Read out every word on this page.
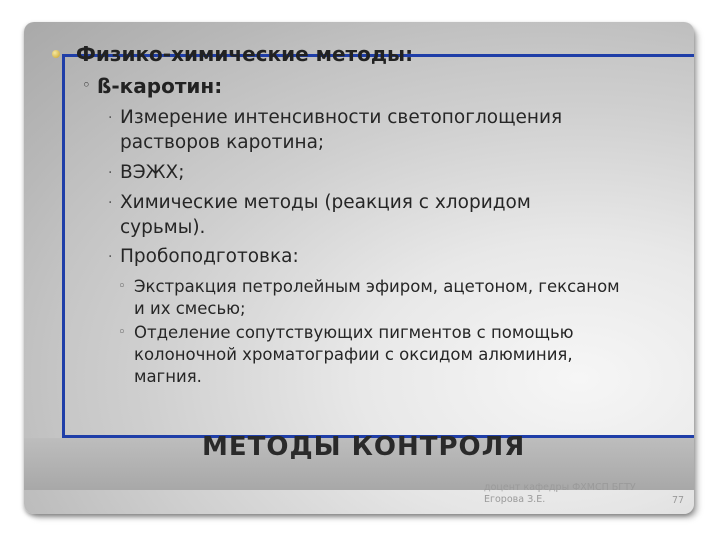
Физико-химические методы:
◦ ß-каротин:
· Измерение интенсивности светопоглощения
растворов каротина;
· ВЭЖХ;
· Химические методы (реакция с хлоридом
сурьмы).
· Пробоподготовка:
◦ Экстракция петролейным эфиром, ацетоном, гексаном
и их смесью;
◦ Отделение сопутствующих пигментов с помощью
колоночной хроматографии с оксидом алюминия,
магния.
МЕТОДЫ КОНТРОЛЯ
доцент кафедры ФХМСП БГТУ
Егорова З.Е.	77
